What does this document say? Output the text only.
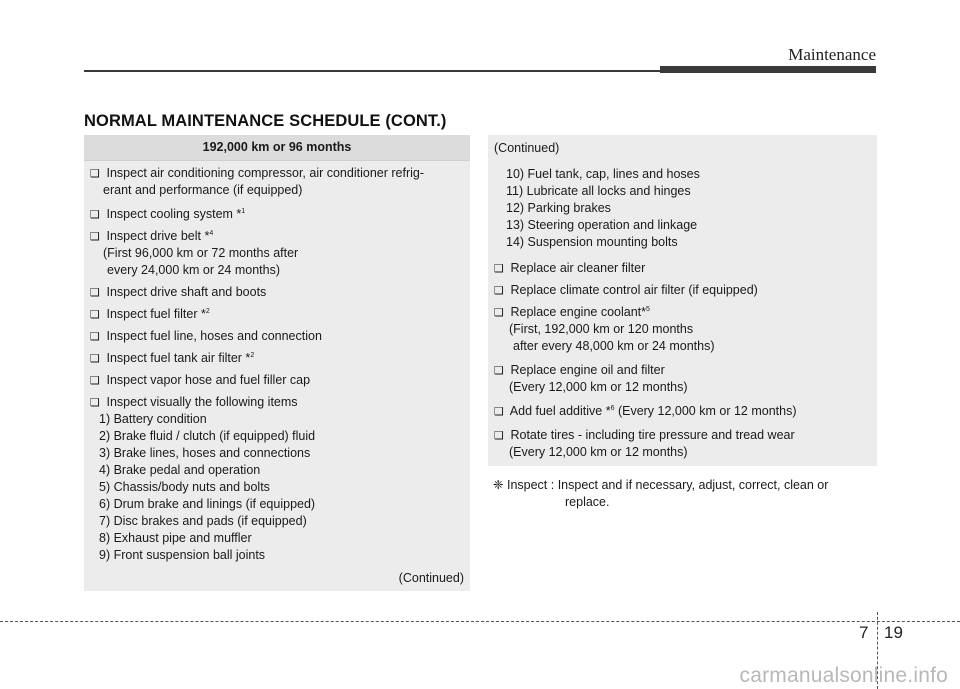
Maintenance
NORMAL MAINTENANCE SCHEDULE (CONT.)
192,000 km or 96 months
❑ Inspect air conditioning compressor, air conditioner refrig-
erant and performance (if equipped)
❑ Inspect cooling system *$^1$
❑ Inspect drive belt *$^4$
(First 96,000 km or 72 months after
every 24,000 km or 24 months)
❑ Inspect drive shaft and boots
❑ Inspect fuel filter *$^2$
❑ Inspect fuel line, hoses and connection
❑ Inspect fuel tank air filter *$^2$
❑ Inspect vapor hose and fuel filler cap
❑ Inspect visually the following items
1) Battery condition
2) Brake fluid / clutch (if equipped) fluid
3) Brake lines, hoses and connections
4) Brake pedal and operation
5) Chassis/body nuts and bolts
6) Drum brake and linings (if equipped)
7) Disc brakes and pads (if equipped)
8) Exhaust pipe and muffler
9) Front suspension ball joints
(Continued)
(Continued)
10) Fuel tank, cap, lines and hoses
11) Lubricate all locks and hinges
12) Parking brakes
13) Steering operation and linkage
14) Suspension mounting bolts
❑ Replace air cleaner filter
❑ Replace climate control air filter (if equipped)
❑ Replace engine coolant*$^5$
(First, 192,000 km or 120 months
after every 48,000 km or 24 months)
❑ Replace engine oil and filter
(Every 12,000 km or 12 months)
❑ Add fuel additive *$^6$ (Every 12,000 km or 12 months)
❑ Rotate tires - including tire pressure and tread wear
(Every 12,000 km or 12 months)
❈ Inspect : Inspect and if necessary, adjust, correct, clean or
replace.
7 19
carmanualsonline.info
